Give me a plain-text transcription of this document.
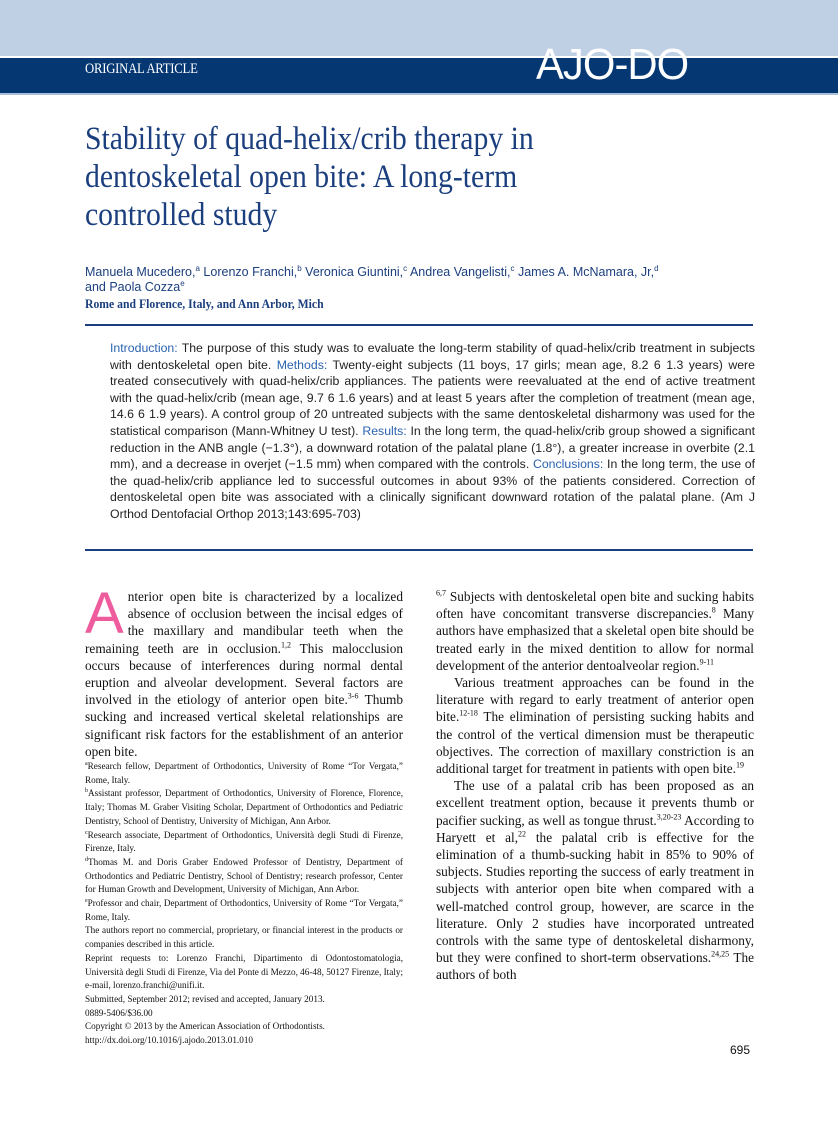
ORIGINAL ARTICLE	AJO-DO
Stability of quad-helix/crib therapy in dentoskeletal open bite: A long-term controlled study
Manuela Mucedero,$^a$ Lorenzo Franchi,$^b$ Veronica Giuntini,$^c$ Andrea Vangelisti,$^c$ James A. McNamara, Jr,$^d$
and Paola Cozza$^e$
Rome and Florence, Italy, and Ann Arbor, Mich
Introduction: The purpose of this study was to evaluate the long-term stability of quad-helix/crib treatment in subjects with dentoskeletal open bite. Methods: Twenty-eight subjects (11 boys, 17 girls; mean age, 8.2 6 1.3 years) were treated consecutively with quad-helix/crib appliances. The patients were reevaluated at the end of active treatment with the quad-helix/crib (mean age, 9.7 6 1.6 years) and at least 5 years after the completion of treatment (mean age, 14.6 6 1.9 years). A control group of 20 untreated subjects with the same dentoskeletal disharmony was used for the statistical comparison (Mann-Whitney U test). Results: In the long term, the quad-helix/crib group showed a significant reduction in the ANB angle (−1.3°), a downward rotation of the palatal plane (1.8°), a greater increase in overbite (2.1 mm), and a decrease in overjet (−1.5 mm) when compared with the controls. Conclusions: In the long term, the use of the quad-helix/crib appliance led to successful outcomes in about 93% of the patients considered. Correction of dentoskeletal open bite was associated with a clinically significant downward rotation of the palatal plane. (Am J Orthod Dentofacial Orthop 2013;143:695-703)

Anterior open bite is characterized by a localized absence of occlusion between the incisal edges of the maxillary and mandibular teeth when the remaining teeth are in occlusion.$^{1,2}$ This malocclusion occurs because of interferences during normal dental eruption and alveolar development. Several factors are involved in the etiology of anterior open bite.$^{3-6}$ Thumb sucking and increased vertical skeletal relationships are significant risk factors for the establishment of an anterior open bite.

$^{6,7}$ Subjects with dentoskeletal open bite and sucking habits often have concomitant transverse discrepancies.$^8$ Many authors have emphasized that a skeletal open bite should be treated early in the mixed dentition to allow for normal development of the anterior dentoalveolar region.$^{9-11}$

Various treatment approaches can be found in the literature with regard to early treatment of anterior open bite.$^{12-18}$ The elimination of persisting sucking habits and the control of the vertical dimension must be therapeutic objectives. The correction of maxillary constriction is an additional target for treatment in patients with open bite.$^{19}$

The use of a palatal crib has been proposed as an excellent treatment option, because it prevents thumb or pacifier sucking, as well as tongue thrust.$^{3,20-23}$ According to Haryett et al,$^{22}$ the palatal crib is effective for the elimination of a thumb-sucking habit in 85% to 90% of subjects. Studies reporting the success of early treatment in subjects with anterior open bite when compared with a well-matched control group, however, are scarce in the literature. Only 2 studies have incorporated untreated controls with the same type of dentoskeletal disharmony, but they were confined to short-term observations.$^{24,25}$ The authors of both

$^a$Research fellow, Department of Orthodontics, University of Rome “Tor Vergata,” Rome, Italy.

$^b$Assistant professor, Department of Orthodontics, University of Florence, Florence, Italy; Thomas M. Graber Visiting Scholar, Department of Orthodontics and Pediatric Dentistry, School of Dentistry, University of Michigan, Ann Arbor.

$^c$Research associate, Department of Orthodontics, Università degli Studi di Firenze, Firenze, Italy.

$^d$Thomas M. and Doris Graber Endowed Professor of Dentistry, Department of Orthodontics and Pediatric Dentistry, School of Dentistry; research professor, Center for Human Growth and Development, University of Michigan, Ann Arbor.

$^e$Professor and chair, Department of Orthodontics, University of Rome “Tor Vergata,” Rome, Italy.

The authors report no commercial, proprietary, or financial interest in the products or companies described in this article.

Reprint requests to: Lorenzo Franchi, Dipartimento di Odontostomatologia, Università degli Studi di Firenze, Via del Ponte di Mezzo, 46-48, 50127 Firenze, Italy; e-mail, lorenzo.franchi@unifi.it.

Submitted, September 2012; revised and accepted, January 2013.

0889-5406/$36.00

Copyright © 2013 by the American Association of Orthodontists.

http://dx.doi.org/10.1016/j.ajodo.2013.01.010

695
